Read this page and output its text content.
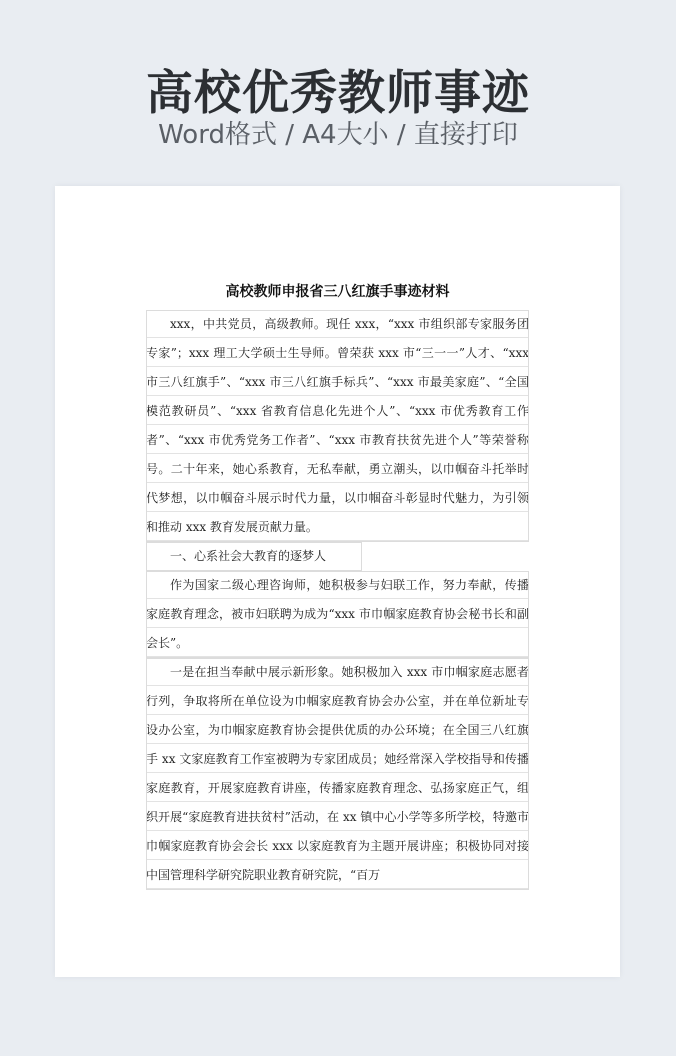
高校优秀教师事迹
Word格式 / A4大小 / 直接打印
高校教师申报省三八红旗手事迹材料

xxx，中共党员，高级教师。现任 xxx，“xxx 市组织部专家服务团专家”；xxx 理工大学硕士生导师。曾荣获 xxx 市“三一一”人才、“xxx 市三八红旗手”、“xxx 市三八红旗手标兵”、“xxx 市最美家庭”、“全国模范教研员”、“xxx 省教育信息化先进个人”、“xxx 市优秀教育工作者”、“xxx 市优秀党务工作者”、“xxx 市教育扶贫先进个人”等荣誉称号。二十年来，她心系教育，无私奉献，勇立潮头，以巾帼奋斗托举时代梦想，以巾帼奋斗展示时代力量，以巾帼奋斗彰显时代魅力，为引领和推动 xxx 教育发展贡献力量。

一、心系社会大教育的逐梦人

作为国家二级心理咨询师，她积极参与妇联工作，努力奉献，传播家庭教育理念，被市妇联聘为成为“xxx 市巾帼家庭教育协会秘书长和副会长”。

一是在担当奉献中展示新形象。她积极加入 xxx 市巾帼家庭志愿者行列，争取将所在单位设为巾帼家庭教育协会办公室，并在单位新址专设办公室，为巾帼家庭教育协会提供优质的办公环境；在全国三八红旗手 xx 文家庭教育工作室被聘为专家团成员；她经常深入学校指导和传播家庭教育，开展家庭教育讲座，传播家庭教育理念、弘扬家庭正气，组织开展“家庭教育进扶贫村”活动，在 xx 镇中心小学等多所学校，特邀市巾帼家庭教育协会会长 xxx 以家庭教育为主题开展讲座；积极协同对接中国管理科学研究院职业教育研究院，“百万
